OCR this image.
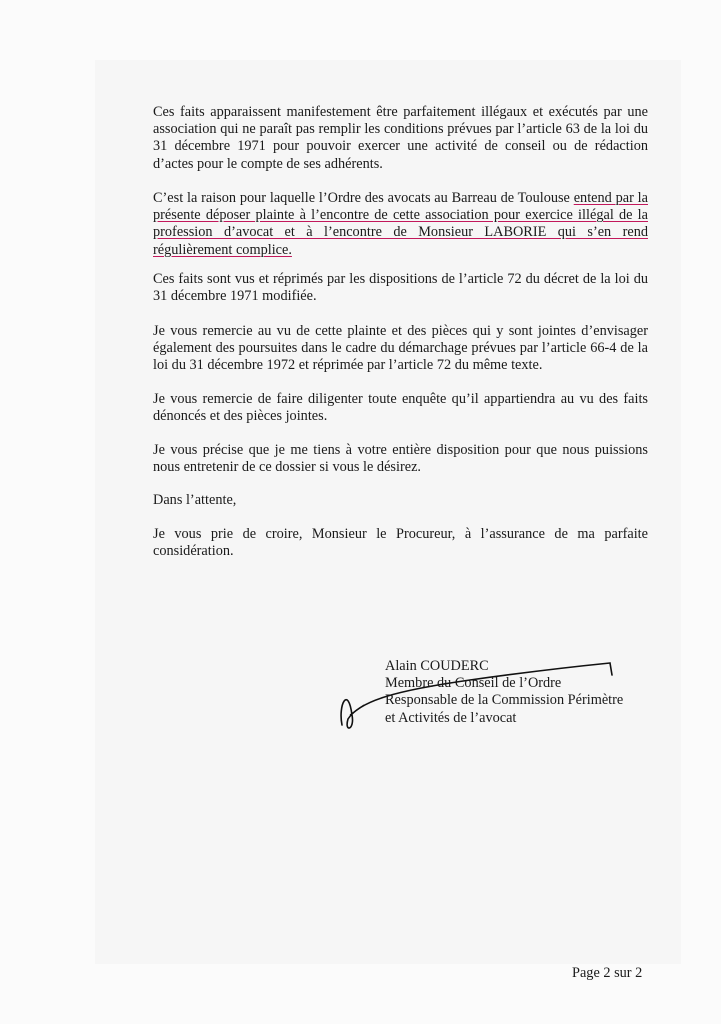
Ces faits apparaissent manifestement être parfaitement illégaux et exécutés par une association qui ne paraît pas remplir les conditions prévues par l’article 63 de la loi du 31 décembre 1971 pour pouvoir exercer une activité de conseil ou de rédaction d’actes pour le compte de ses adhérents.

C’est la raison pour laquelle l’Ordre des avocats au Barreau de Toulouse entend par la présente déposer plainte à l’encontre de cette association pour exercice illégal de la profession d’avocat et à l’encontre de Monsieur LABORIE qui s’en rend régulièrement complice.

Ces faits sont vus et réprimés par les dispositions de l’article 72 du décret de la loi du 31 décembre 1971 modifiée.

Je vous remercie au vu de cette plainte et des pièces qui y sont jointes d’envisager également des poursuites dans le cadre du démarchage prévues par l’article 66-4 de la loi du 31 décembre 1972 et réprimée par l’article 72 du même texte.

Je vous remercie de faire diligenter toute enquête qu’il appartiendra au vu des faits dénoncés et des pièces jointes.

Je vous précise que je me tiens à votre entière disposition pour que nous puissions nous entretenir de ce dossier si vous le désirez.

Dans l’attente,

Je vous prie de croire, Monsieur le Procureur, à l’assurance de ma parfaite considération.

Alain COUDERC
Membre du Conseil de l’Ordre
Responsable de la Commission Périmètre
et Activités de l’avocat
Page 2 sur 2
